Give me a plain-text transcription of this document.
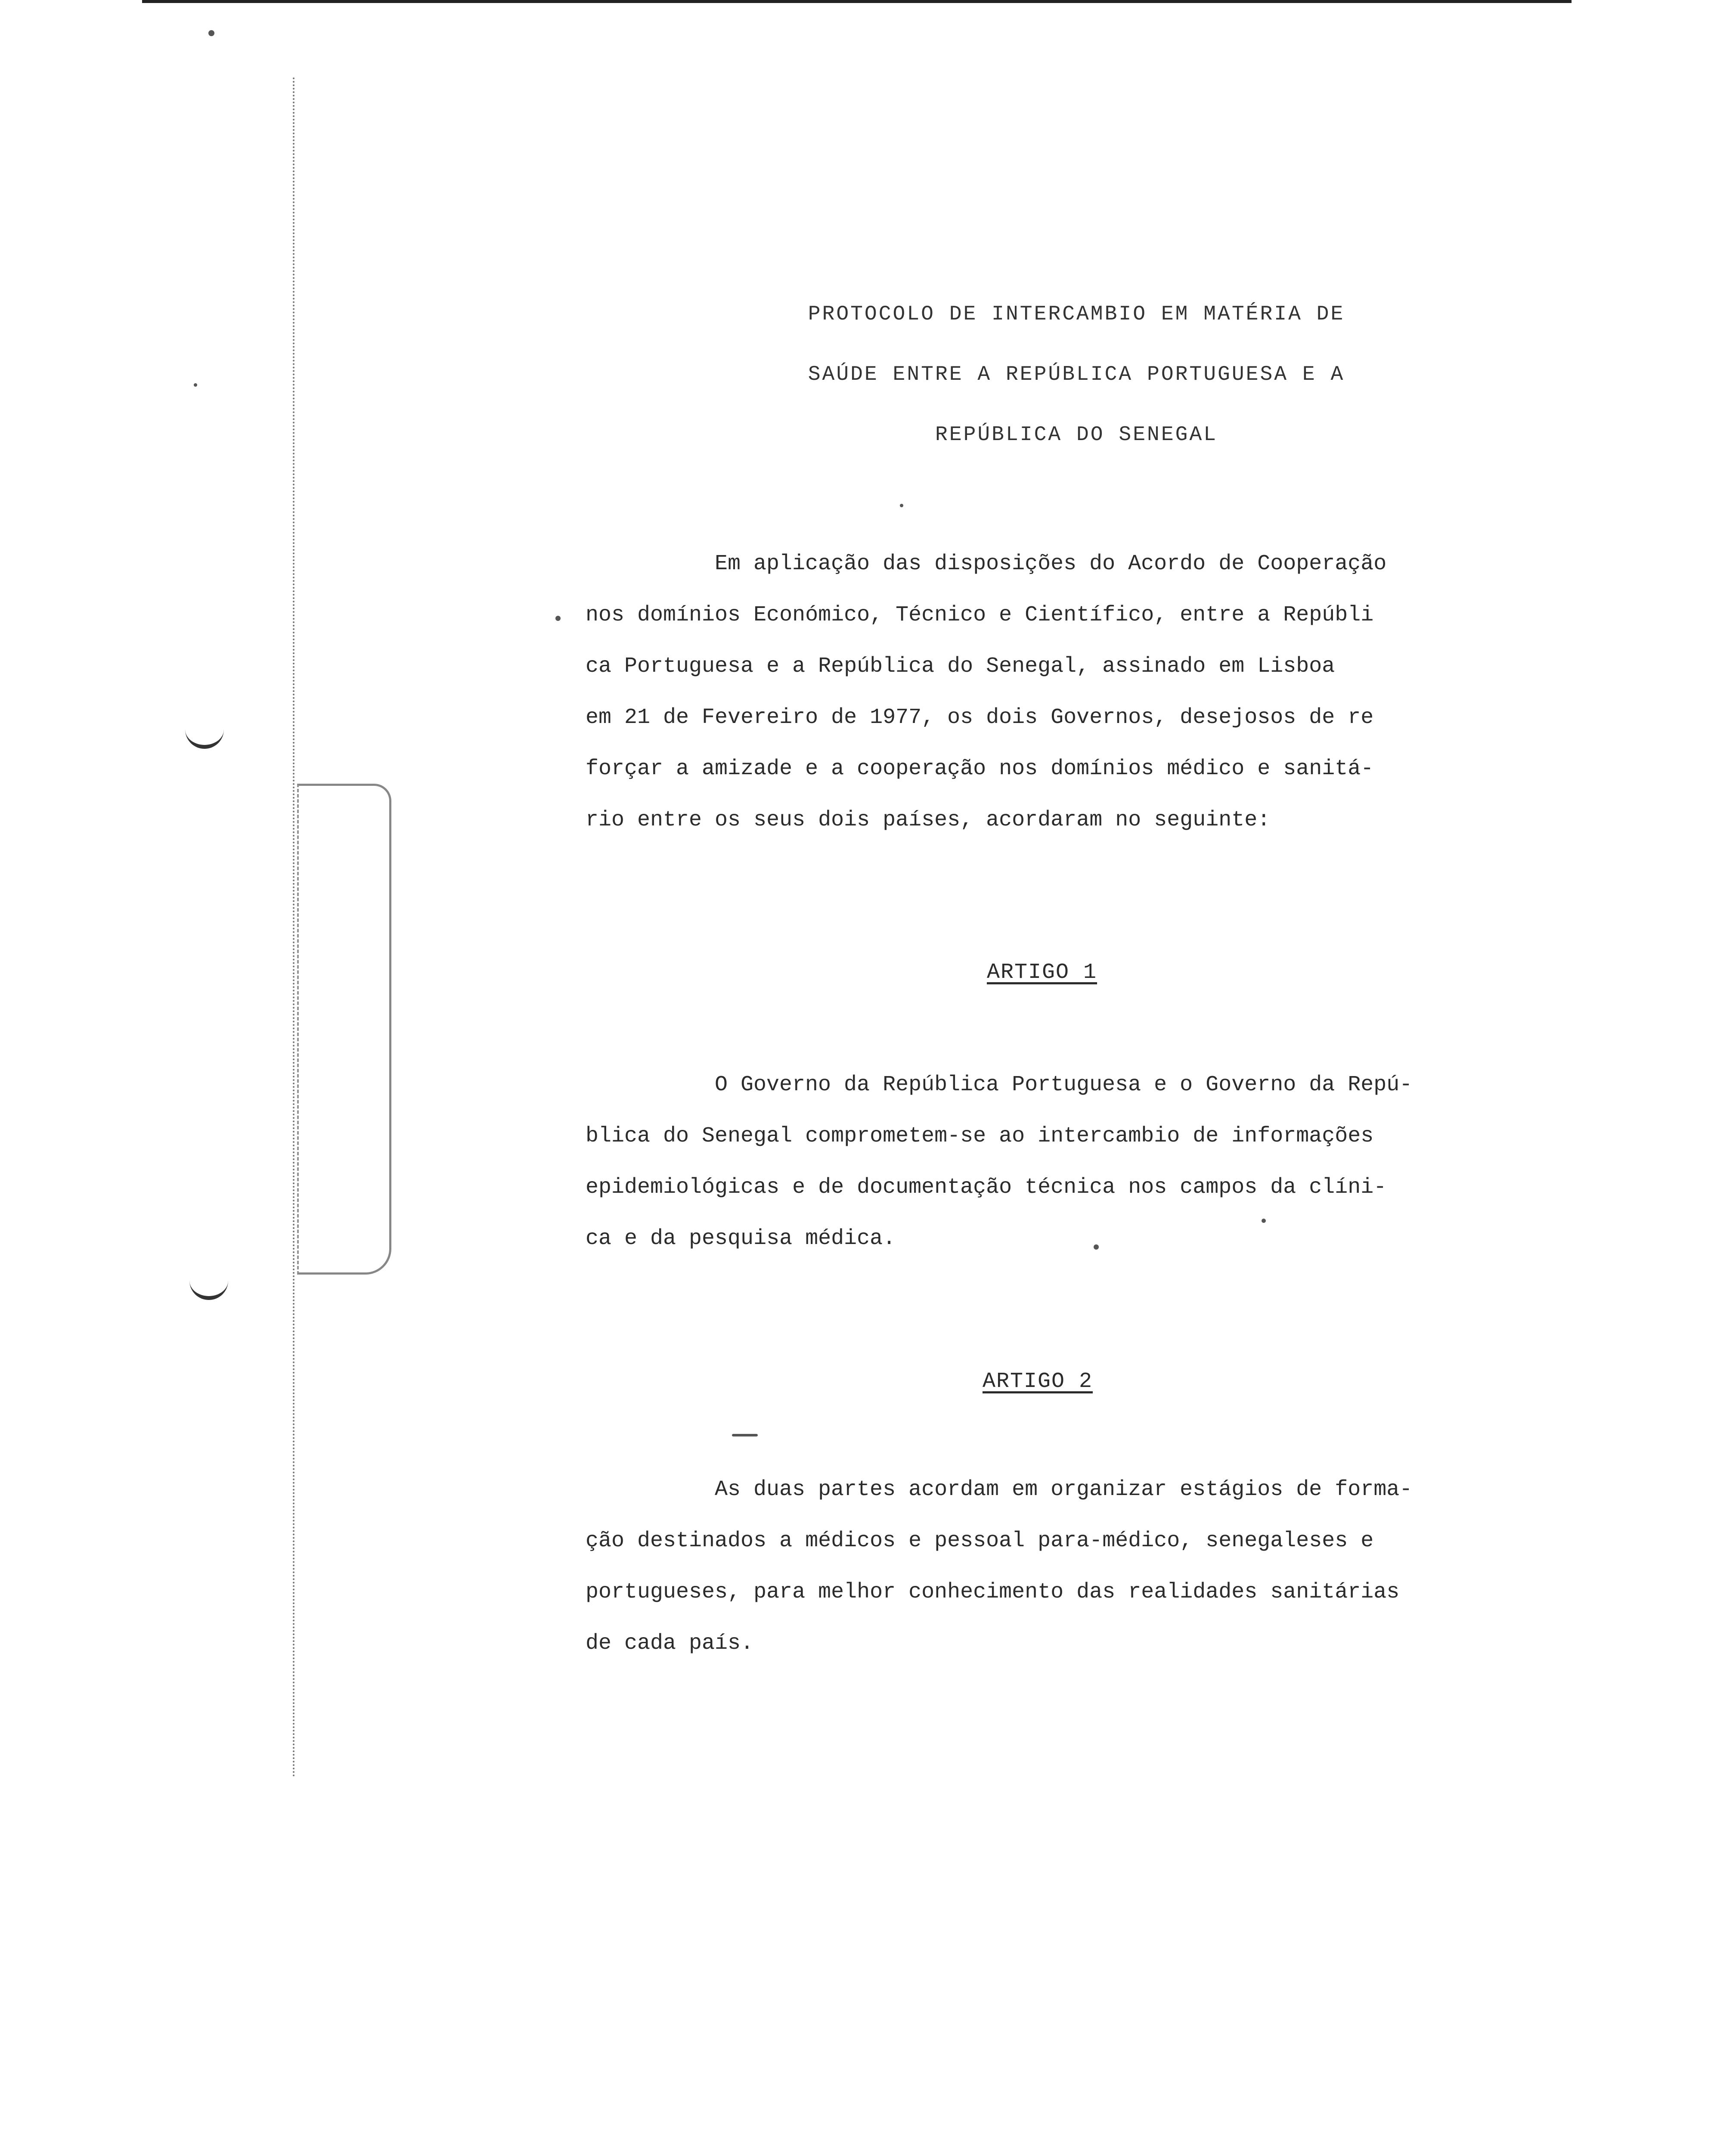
PROTOCOLO DE INTERCAMBIO EM MATÉRIA DE
SAÚDE ENTRE A REPÚBLICA PORTUGUESA E A
REPÚBLICA DO SENEGAL
Em aplicação das disposições do Acordo de Cooperação
nos domínios Económico, Técnico e Científico, entre a Repúbli
ca Portuguesa e a República do Senegal, assinado em Lisboa
em 21 de Fevereiro de 1977, os dois Governos, desejosos de re
forçar a amizade e a cooperação nos domínios médico e sanitá-
rio entre os seus dois países, acordaram no seguinte:
ARTIGO 1
O Governo da República Portuguesa e o Governo da Repú-
blica do Senegal comprometem-se ao intercambio de informações
epidemiológicas e de documentação técnica nos campos da clíni-
ca e da pesquisa médica.
ARTIGO 2
As duas partes acordam em organizar estágios de forma-
ção destinados a médicos e pessoal para-médico, senegaleses e
portugueses, para melhor conhecimento das realidades sanitárias
de cada país.
